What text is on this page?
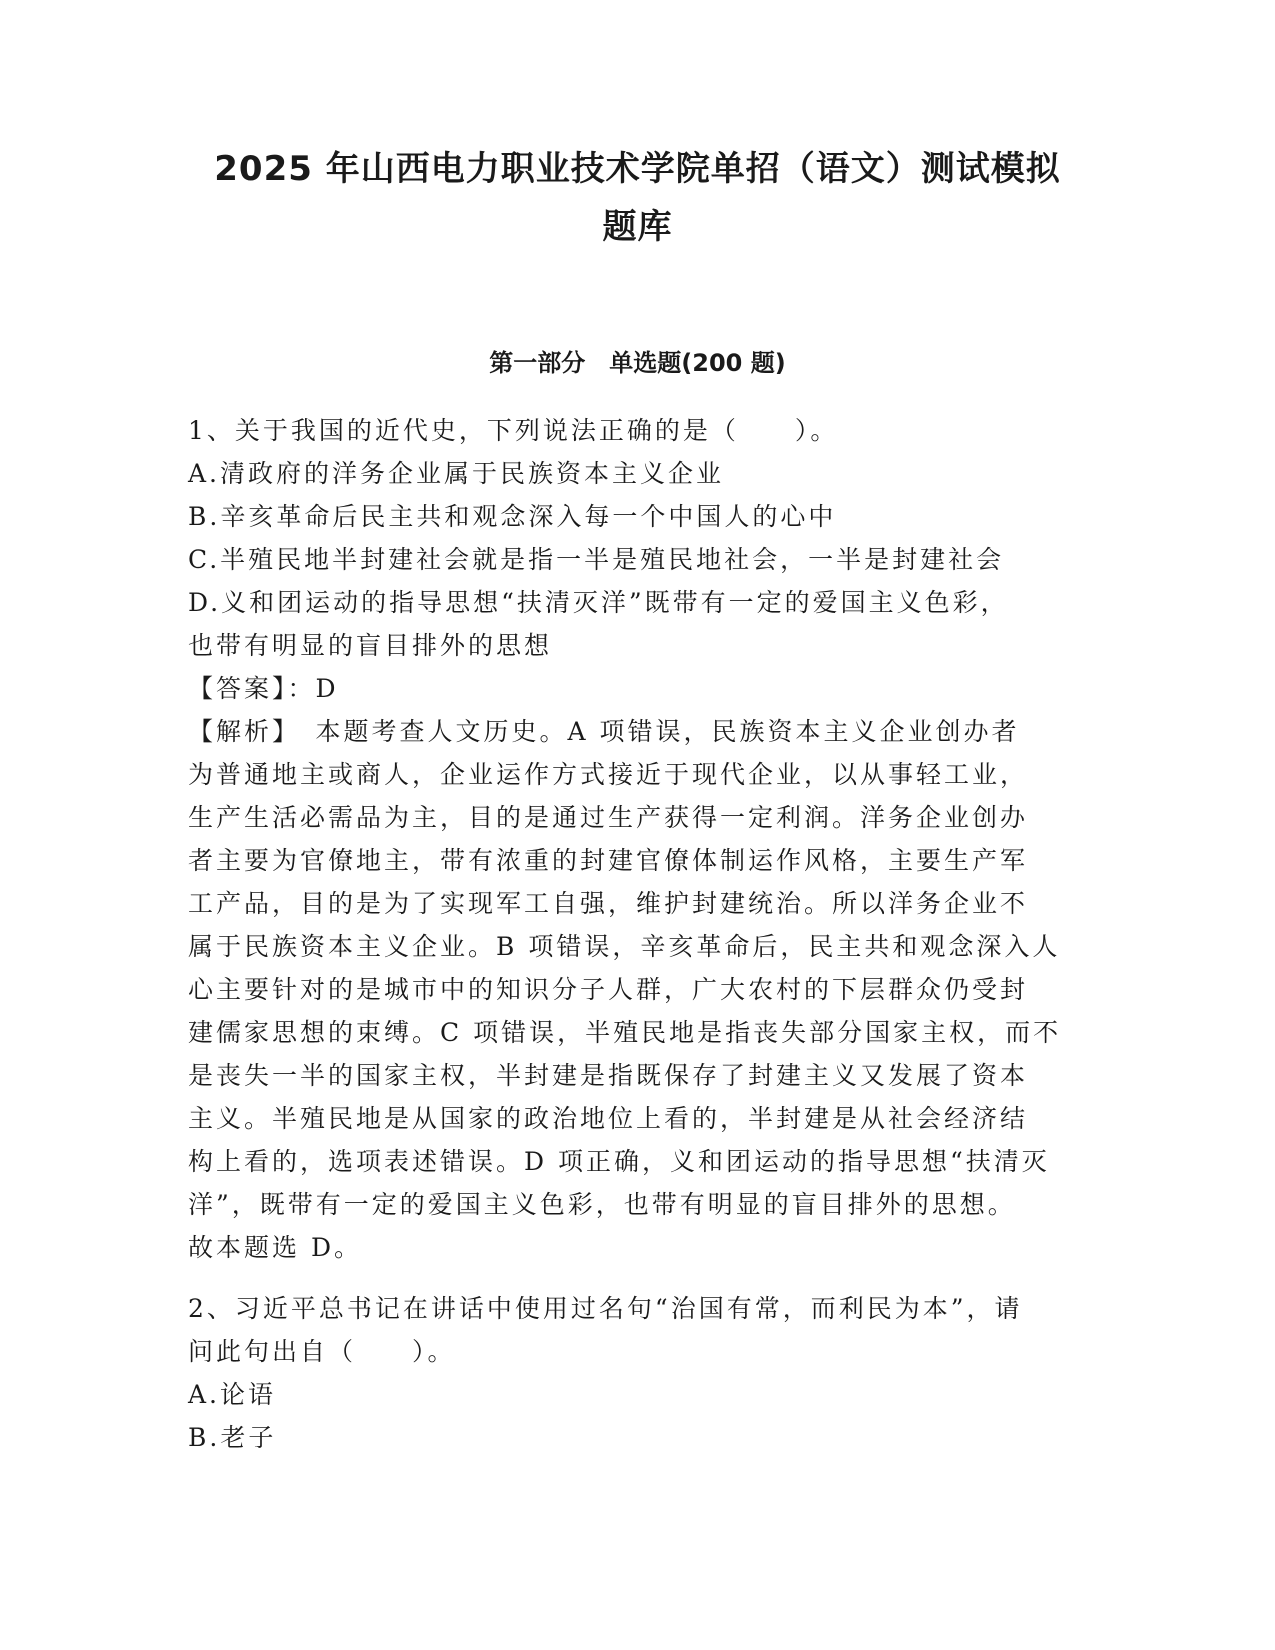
2025 年山西电力职业技术学院单招（语文）测试模拟
题库
第一部分　单选题(200 题)
1、关于我国的近代史，下列说法正确的是（　　）。
A.清政府的洋务企业属于民族资本主义企业
B.辛亥革命后民主共和观念深入每一个中国人的心中
C.半殖民地半封建社会就是指一半是殖民地社会，一半是封建社会
D.义和团运动的指导思想“扶清灭洋”既带有一定的爱国主义色彩，
也带有明显的盲目排外的思想
【答案】：D
【解析】　本题考查人文历史。A 项错误，民族资本主义企业创办者
为普通地主或商人，企业运作方式接近于现代企业，以从事轻工业，
生产生活必需品为主，目的是通过生产获得一定利润。洋务企业创办
者主要为官僚地主，带有浓重的封建官僚体制运作风格，主要生产军
工产品，目的是为了实现军工自强，维护封建统治。所以洋务企业不
属于民族资本主义企业。B 项错误，辛亥革命后，民主共和观念深入人
心主要针对的是城市中的知识分子人群，广大农村的下层群众仍受封
建儒家思想的束缚。C 项错误，半殖民地是指丧失部分国家主权，而不
是丧失一半的国家主权，半封建是指既保存了封建主义又发展了资本
主义。半殖民地是从国家的政治地位上看的，半封建是从社会经济结
构上看的，选项表述错误。D 项正确，义和团运动的指导思想“扶清灭
洋”，既带有一定的爱国主义色彩，也带有明显的盲目排外的思想。
故本题选 D。
2、习近平总书记在讲话中使用过名句“治国有常，而利民为本”，请
问此句出自（　　）。
A.论语
B.老子
